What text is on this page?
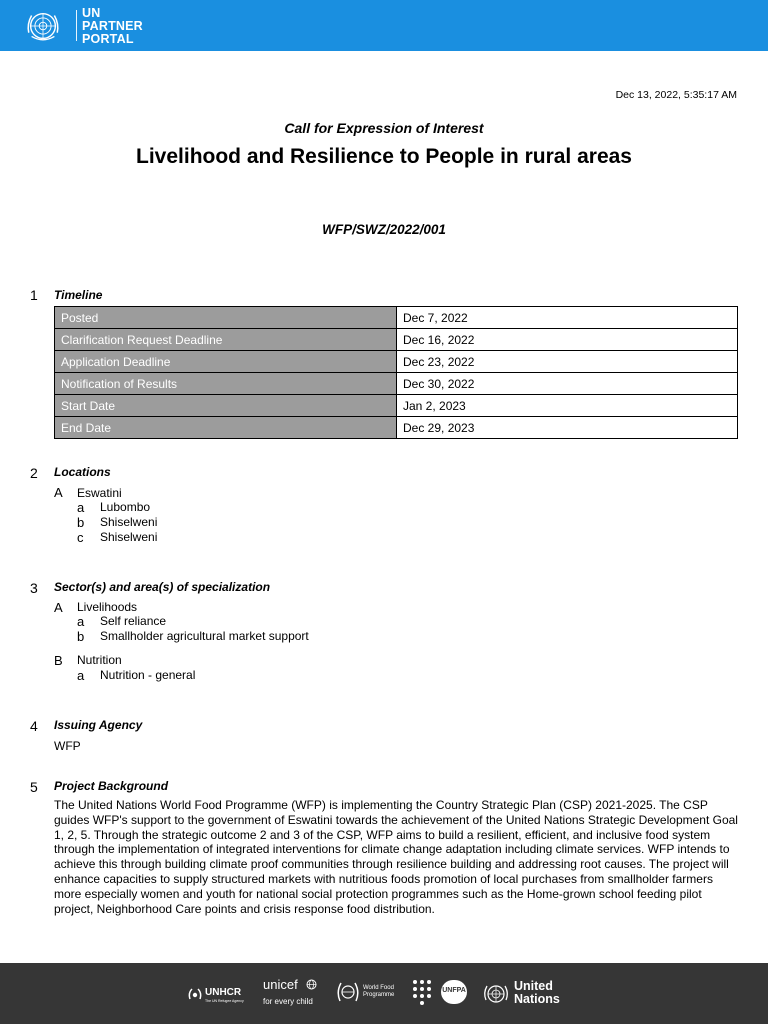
UN
PARTNER
PORTAL
Dec 13, 2022, 5:35:17 AM
Call for Expression of Interest
Livelihood and Resilience to People in rural areas
WFP/SWZ/2022/001
1 Timeline
Posted	Dec 7, 2022
Clarification Request Deadline	Dec 16, 2022
Application Deadline	Dec 23, 2022
Notification of Results	Dec 30, 2022
Start Date	Jan 2, 2023
End Date	Dec 29, 2023
2 Locations
A Eswatini
a Lubombo
b Shiselweni
c Shiselweni
3 Sector(s) and area(s) of specialization
A Livelihoods
a Self reliance
b Smallholder agricultural market support
B Nutrition
a Nutrition - general
4 Issuing Agency
WFP
5 Project Background
The United Nations World Food Programme (WFP) is implementing the Country Strategic Plan (CSP) 2021-2025. The CSP guides WFP's support to the government of Eswatini towards the achievement of the United Nations Strategic Development Goal 1, 2, 5. Through the strategic outcome 2 and 3 of the CSP, WFP aims to build a resilient, efficient, and inclusive food system through the implementation of integrated interventions for climate change adaptation including climate services. WFP intends to achieve this through building climate proof communities through resilience building and addressing root causes. The project will enhance capacities to supply structured markets with nutritious foods promotion of local purchases from smallholder farmers more especially women and youth for national social protection programmes such as the Home-grown school feeding pilot project, Neighborhood Care points and crisis response food distribution.
UNHCR
The UN Refugee Agency
unicef
for every child
World Food
Programme
UNFPA	United
Nations
